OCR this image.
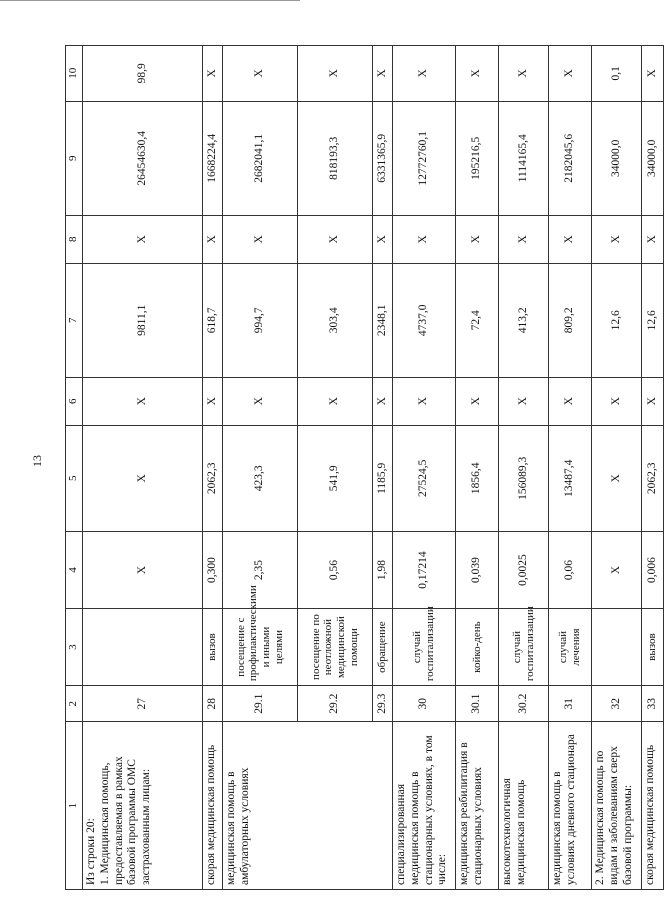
13
1	2	3	4	5	6	7	8	9	10
Из строки 20:
1. Медицинская помощь, предоставляемая в рамках базовой программы ОМС застрахованным лицам:	27		X	X	X	9811,1	X	26454630,4	98,9
скорая медицинская помощь	28	вызов	0,300	2062,3	X	618,7	X	1668224,4	X
медицинская помощь в амбулаторных условиях	29.1	посещение с профилактическими и иными целями	2,35	423,3	X	994,7	X	2682041,1	X
	29.2	посещение по неотложной медицинской помощи	0,56	541,9	X	303,4	X	818193,3	X
	29.3	обращение	1,98	1185,9	X	2348,1	X	6331365,9	X
специализированная медицинская помощь в стационарных условиях, в том числе:	30	случай госпитализации	0,17214	27524,5	X	4737,0	X	12772760,1	X
медицинская реабилитация в стационарных условиях	30.1	койко-день	0,039	1856,4	X	72,4	X	195216,5	X
высокотехнологичная медицинская помощь	30.2	случай госпитализации	0,0025	156089,3	X	413,2	X	1114165,4	X
медицинская помощь в условиях дневного стационара	31	случай лечения	0,06	13487,4	X	809,2	X	2182045,6	X
2. Медицинская помощь по видам и заболеваниям сверх базовой программы:	32		X	X	X	12,6	X	34000,0	0,1
скорая медицинская помощь	33	вызов	0,006	2062,3	X	12,6	X	34000,0	X
